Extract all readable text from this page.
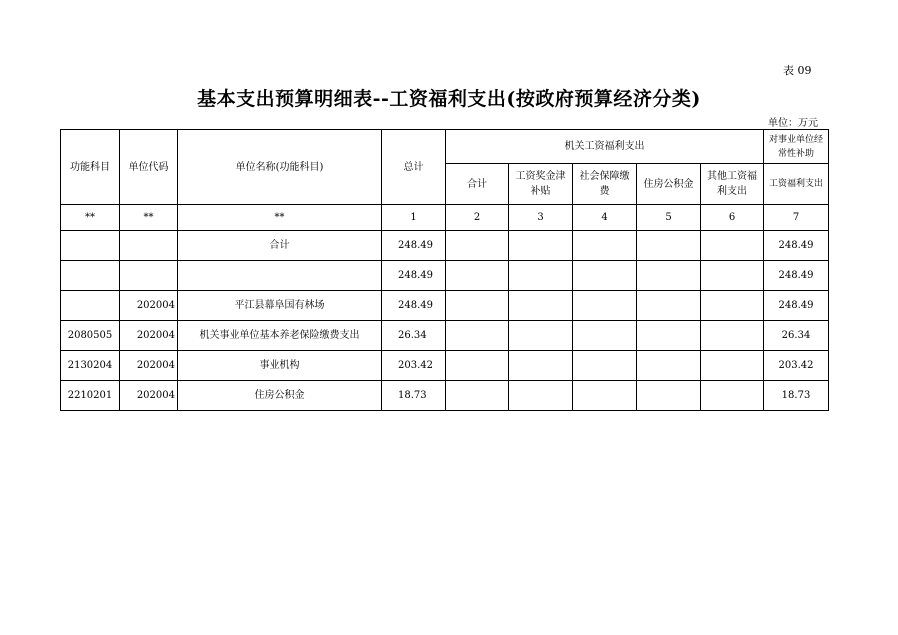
表 09
基本支出预算明细表--工资福利支出(按政府预算经济分类)
单位：万元
功能科目	单位代码	单位名称(功能科目)	总计	机关工资福利支出					对事业单位经常性补助
				合计	工资奖金津补贴	社会保障缴费	住房公积金	其他工资福利支出	工资福利支出
**	**	**	1	2	3	4	5	6	7
		合计	248.49						248.49
			248.49						248.49
	202004	平江县幕阜国有林场	248.49						248.49
2080505	202004	机关事业单位基本养老保险缴费支出	26.34						26.34
2130204	202004	事业机构	203.42						203.42
2210201	202004	住房公积金	18.73						18.73
